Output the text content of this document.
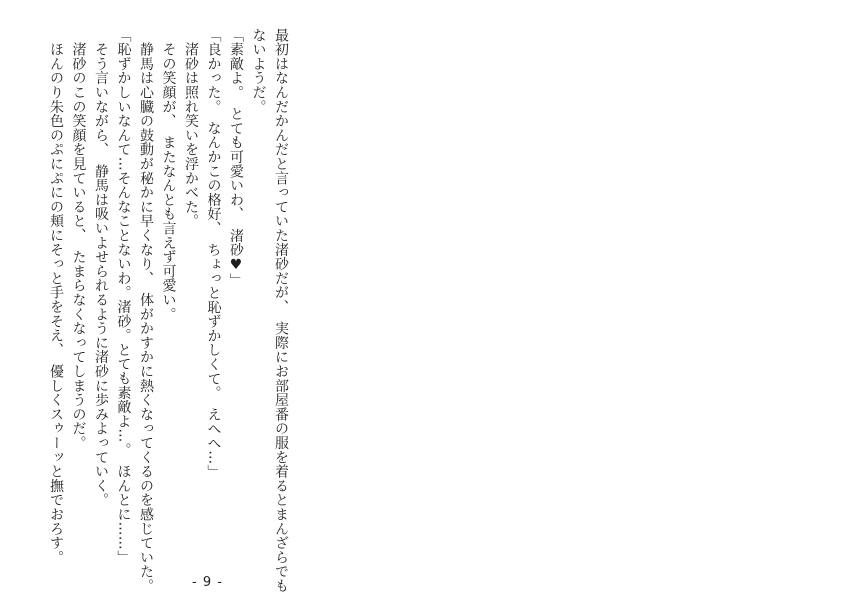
最初はなんだかんだと言っていた渚砂だが、　実際にお部屋番の服を着るとまんざらでも
ないようだ。
「素敵よ。　とても可愛いわ、　渚砂♥」
「良かった。　なんかこの格好、　ちょっと恥ずかしくて。　えへへ…」
　渚砂は照れ笑いを浮かべた。
　その笑顔が、　またなんとも言えず可愛い。
　静馬は心臓の鼓動が秘かに早くなり、　体がかすかに熱くなってくるのを感じていた。
「恥ずかしいなんて…そんなことないわ。渚砂。とても素敵よ…。　ほんとに……」
　そう言いながら、　静馬は吸いよせられるように渚砂に歩みよっていく。
　渚砂のこの笑顔を見ていると、　たまらなくなってしまうのだ。
　ほんのり朱色のぷにぷにの頬にそっと手をそえ、　優しくスゥーッと撫でおろす。
- 9 -
